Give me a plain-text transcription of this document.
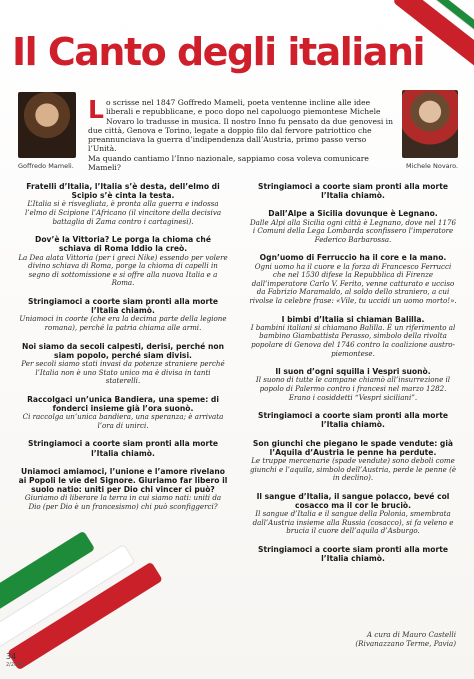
Il Canto degli italiani
Goffredo Mameli.	Michele Novaro.
Lo scrisse nel 1847 Goffredo Mameli, poeta ventenne incline alle idee liberali e repubblicane, e poco dopo nel capoluogo piemontese Michele Novaro lo tradusse in musica. Il nostro Inno fu pensato da due genovesi in due città, Genova e Torino, legate a doppio filo dal fervore patriottico che preannunciava la guerra d’indipendenza dall’Austria, primo passo verso l’Unità.
Ma quando cantiamo l’Inno nazionale, sappiamo cosa voleva comunicare Mameli?
Fratelli d’Italia, l’Italia s’è desta, dell’elmo di Scipio s’è cinta la testa.
L’Italia si è risvegliata, è pronta alla guerra e indossa l’elmo di Scipione l’Africano (il vincitore della decisiva battaglia di Zama contro i cartaginesi).
Dov’è la Vittoria? Le porga la chioma ché schiava di Roma Iddio la creò.
La Dea alata Vittoria (per i greci Nike) essendo per volere divino schiava di Roma, porge la chioma di capelli in segno di sottomissione e si offre alla nuova Italia e a Roma.
Stringiamoci a coorte siam pronti alla morte l’Italia chiamò.
Uniamoci in coorte (che era la decima parte della legione romana), perché la patria chiama alle armi.
Noi siamo da secoli calpesti, derisi, perché non siam popolo, perché siam divisi.
Per secoli siamo stati invasi da potenze straniere perché l’Italia non è uno Stato unico ma è divisa in tanti staterelli.
Raccolgaci un’unica Bandiera, una speme: di fonderci insieme già l’ora suonò.
Ci raccolga un’unica bandiera, una speranza; è arrivata l’ora di unirci.
Stringiamoci a coorte siam pronti alla morte l’Italia chiamò.
Uniamoci amiamoci, l’unione e l’amore rivelano ai Popoli le vie del Signore. Giuriamo far libero il suolo natio: uniti per Dio chi vincer ci può?
Giuriamo di liberare la terra in cui siamo nati: uniti da Dio (per Dio è un francesismo) chi può sconfiggerci?
Stringiamoci a coorte siam pronti alla morte l’Italia chiamò.
Dall’Alpe a Sicilia dovunque è Legnano.
Dalle Alpi alla Sicilia ogni città è Legnano, dove nel 1176 i Comuni della Lega Lombarda sconfissero l’imperatore Federico Barbarossa.
Ogn’uomo di Ferruccio ha il core e la mano.
Ogni uomo ha il cuore e la forza di Francesco Ferrucci che nel 1530 difese la Repubblica di Firenze dall’imperatore Carlo V. Ferito, venne catturato e ucciso da Fabrizio Maramaldo, al soldo dello straniero, a cui rivolse la celebre frase: «Vile, tu uccidi un uomo morto!».
I bimbi d’Italia si chiaman Balilla.
I bambini italiani si chiamano Balilla. È un riferimento al bambino Giambattista Perasso, simbolo della rivolta popolare di Genova del 1746 contro la coalizione austro-piemontese.
Il suon d’ogni squilla i Vespri suonò.
Il suono di tutte le campane chiamò all’insurrezione il popolo di Palermo contro i francesi nel marzo 1282. Erano i cosiddetti “Vespri siciliani”.
Stringiamoci a coorte siam pronti alla morte l’Italia chiamò.
Son giunchi che piegano le spade vendute: già l’Aquila d’Austria le penne ha perdute.
Le truppe mercenarie (spade vendute) sono deboli come giunchi e l’aquila, simbolo dell’Austria, perde le penne (è in declino).
Il sangue d’Italia, il sangue polacco, bevé col cosacco ma il cor le bruciò.
Il sangue d’Italia e il sangue della Polonia, smembrata dall’Austria insieme alla Russia (cosacco), si fa veleno e brucia il cuore dell’aquila d’Asburgo.
Stringiamoci a coorte siam pronti alla morte l’Italia chiamò.
A cura di Mauro Castelli
(Rivanazzano Terme, Pavia)
34
2/2015
